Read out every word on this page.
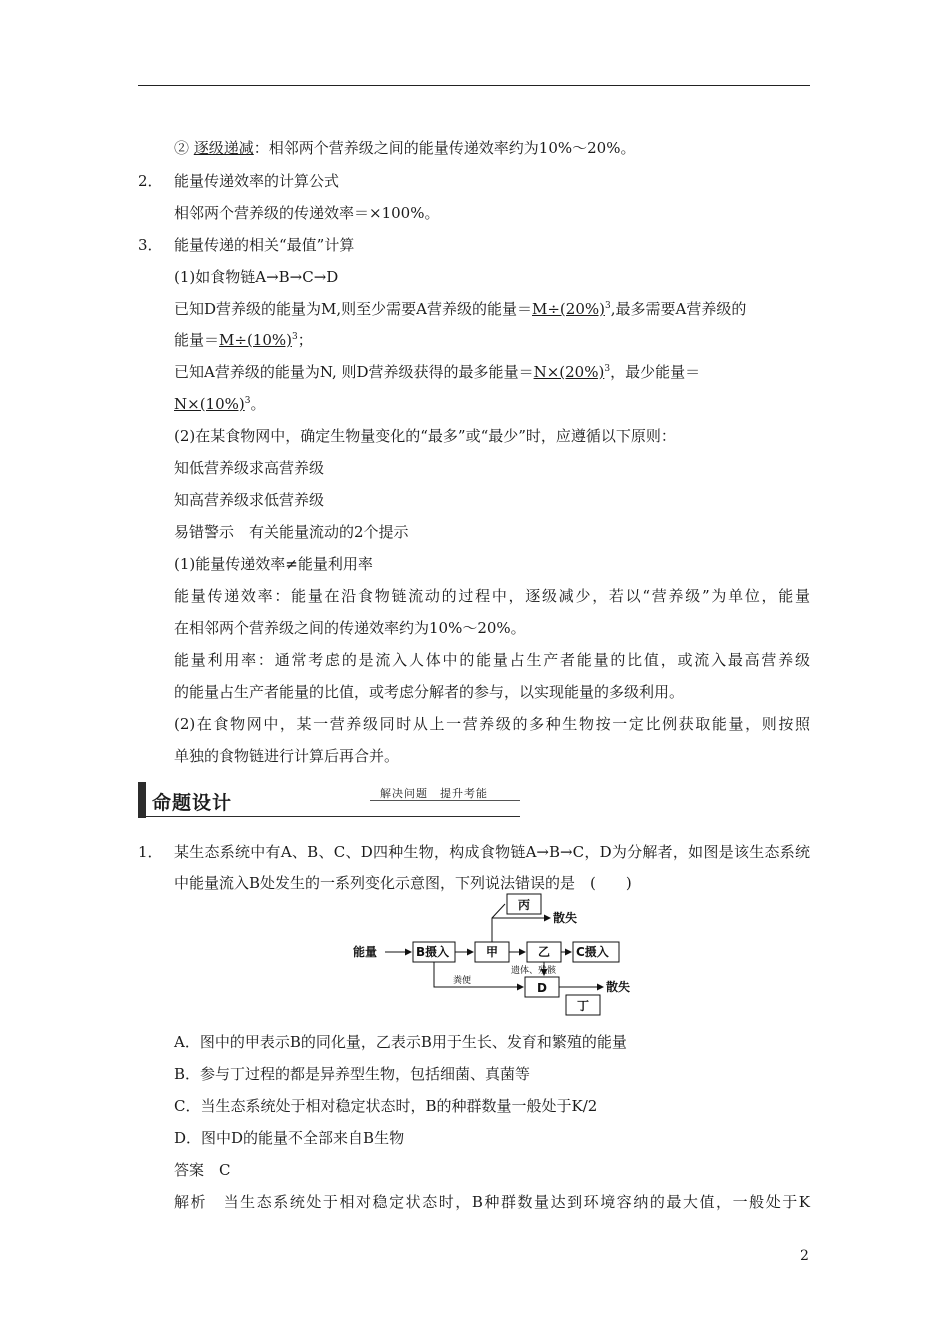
② 逐级递减：相邻两个营养级之间的能量传递效率约为10%～20%。
2． 能量传递效率的计算公式
相邻两个营养级的传递效率＝×100%。
3． 能量传递的相关“最值”计算
(1)如食物链A→B→C→D
已知D营养级的能量为M,则至少需要A营养级的能量$=M\div(20\%)^3$,最多需要A营养级的
能量$=M\div(10\%)^3$；
已知A营养级的能量为N, 则D营养级获得的最多能量$=N\times(20\%)^3$，最少能量＝
$N\times(10\%)^3$。
(2)在某食物网中，确定生物量变化的“最多”或“最少”时，应遵循以下原则：
知低营养级求高营养级
知高营养级求低营养级
易错警示　有关能量流动的2个提示
(1)能量传递效率≠能量利用率
能量传递效率：能量在沿食物链流动的过程中，逐级减少，若以“营养级”为单位，能量
在相邻两个营养级之间的传递效率约为10%～20%。
能量利用率：通常考虑的是流入人体中的能量占生产者能量的比值，或流入最高营养级
的能量占生产者能量的比值，或考虑分解者的参与，以实现能量的多级利用。
(2)在食物网中，某一营养级同时从上一营养级的多种生物按一定比例获取能量，则按照
单独的食物链进行计算后再合并。
命题设计	解决问题　提升考能
1． 某生态系统中有A、B、C、D四种生物，构成食物链A→B→C，D为分解者，如图是该生态系统
中能量流入B处发生的一系列变化示意图，下列说法错误的是　(　　)
能量	B摄入	甲	乙 C摄入
丙
散失
D
丁
散失
粪便
遗体、残骸
A．图中的甲表示B的同化量，乙表示B用于生长、发育和繁殖的能量
B．参与丁过程的都是异养型生物，包括细菌、真菌等
C．当生态系统处于相对稳定状态时，B的种群数量一般处于K/2
D．图中D的能量不全部来自B生物
答案　C
解析　当生态系统处于相对稳定状态时，B种群数量达到环境容纳的最大值，一般处于K
2
